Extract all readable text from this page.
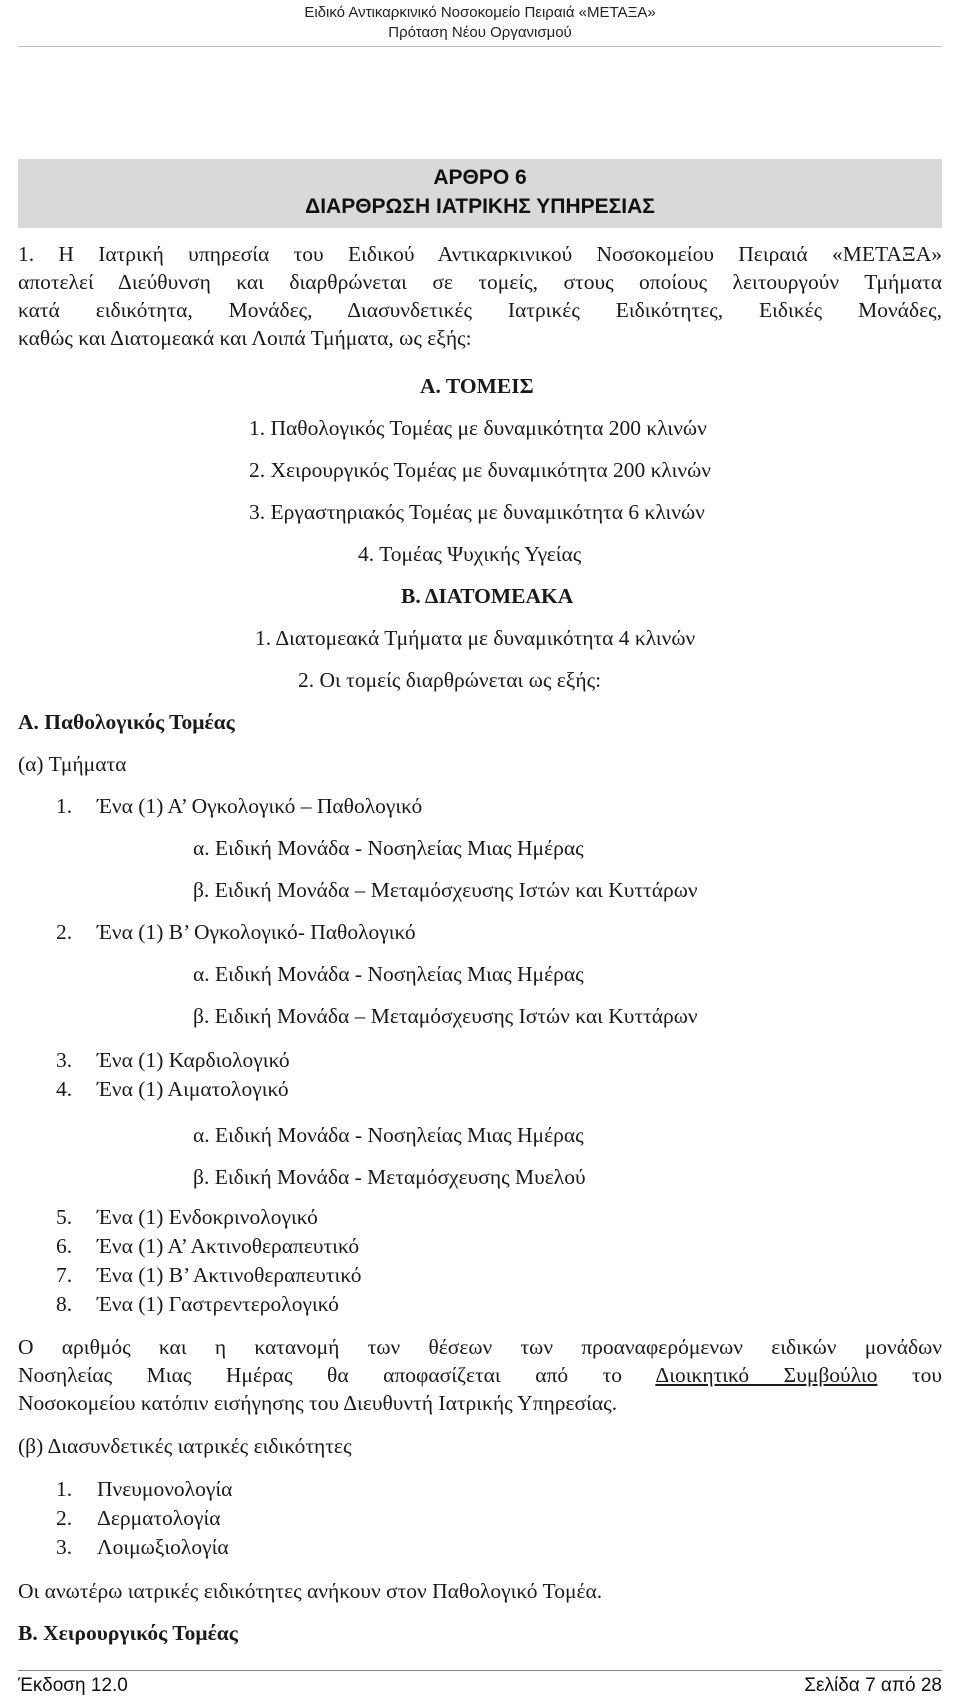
Ειδικό Αντικαρκινικό Νοσοκομείο Πειραιά «ΜΕΤΑΞΑ»
Πρόταση Νέου Οργανισμού
ΑΡΘΡΟ 6
ΔΙΑΡΘΡΩΣΗ ΙΑΤΡΙΚΗΣ ΥΠΗΡΕΣΙΑΣ
1. Η Ιατρική υπηρεσία του Ειδικού Αντικαρκινικού Νοσοκομείου Πειραιά «ΜΕΤΑΞΑ»
αποτελεί Διεύθυνση και διαρθρώνεται σε τομείς, στους οποίους λειτουργούν Τμήματα
κατά ειδικότητα, Μονάδες, Διασυνδετικές Ιατρικές Ειδικότητες, Ειδικές Μονάδες,
καθώς και Διατομεακά και Λοιπά Τμήματα, ως εξής:
Α. ΤΟΜΕΙΣ
1. Παθολογικός Τομέας με δυναμικότητα 200 κλινών
2. Χειρουργικός Τομέας με δυναμικότητα 200 κλινών
3. Εργαστηριακός Τομέας με δυναμικότητα 6 κλινών
4. Τομέας Ψυχικής Υγείας
Β. ΔΙΑΤΟΜΕΑΚΑ
1. Διατομεακά Τμήματα με δυναμικότητα 4 κλινών
2. Οι τομείς διαρθρώνεται ως εξής:
Α. Παθολογικός Τομέας
(α) Τμήματα
1. Ένα (1) Α’ Ογκολογικό – Παθολογικό
α. Ειδική Μονάδα - Νοσηλείας Μιας Ημέρας
β. Ειδική Μονάδα – Μεταμόσχευσης Ιστών και Κυττάρων
2. Ένα (1) Β’ Ογκολογικό- Παθολογικό
α. Ειδική Μονάδα - Νοσηλείας Μιας Ημέρας
β. Ειδική Μονάδα – Μεταμόσχευσης Ιστών και Κυττάρων
3. Ένα (1) Καρδιολογικό
4. Ένα (1) Αιματολογικό
α. Ειδική Μονάδα - Νοσηλείας Μιας Ημέρας
β. Ειδική Μονάδα - Μεταμόσχευσης Μυελού
5. Ένα (1) Ενδοκρινολογικό
6. Ένα (1) Α’ Ακτινοθεραπευτικό
7. Ένα (1) Β’ Ακτινοθεραπευτικό
8. Ένα (1) Γαστρεντερολογικό
Ο αριθμός και η κατανομή των θέσεων των προαναφερόμενων ειδικών μονάδων
Νοσηλείας Μιας Ημέρας θα αποφασίζεται από το Διοικητικό Συμβούλιο του
Νοσοκομείου κατόπιν εισήγησης του Διευθυντή Ιατρικής Υπηρεσίας.
(β) Διασυνδετικές ιατρικές ειδικότητες
1. Πνευμονολογία
2. Δερματολογία
3. Λοιμωξιολογία
Οι ανωτέρω ιατρικές ειδικότητες ανήκουν στον Παθολογικό Τομέα.
Β. Χειρουργικός Τομέας
Έκδοση 12.0	Σελίδα 7 από 28
